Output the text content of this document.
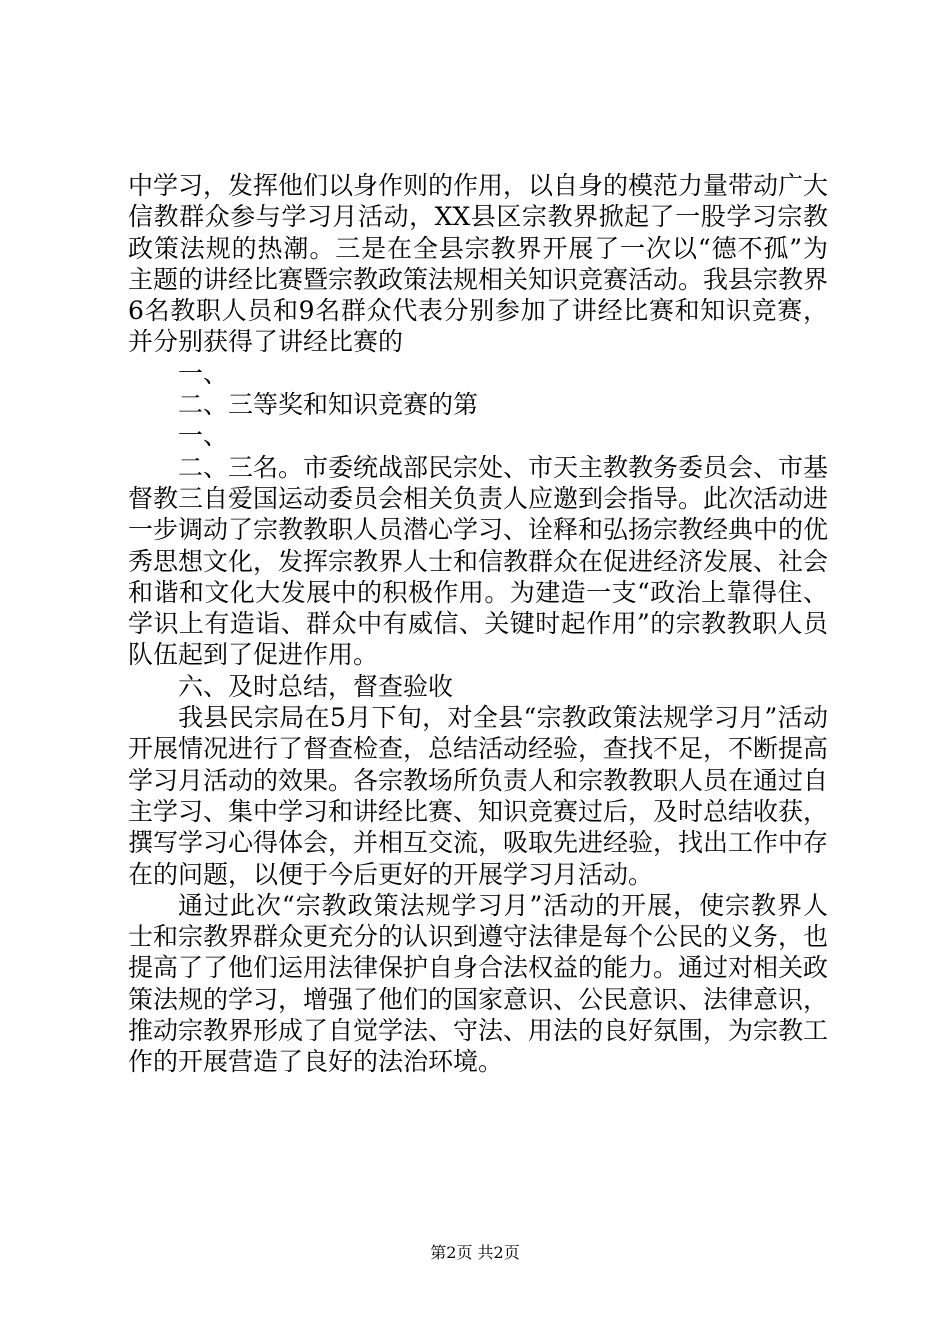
中学习，发挥他们以身作则的作用，以自身的模范力量带动广大信教群众参与学习月活动，XX县区宗教界掀起了一股学习宗教政策法规的热潮。三是在全县宗教界开展了一次以“德不孤”为主题的讲经比赛暨宗教政策法规相关知识竞赛活动。我县宗教界6名教职人员和9名群众代表分别参加了讲经比赛和知识竞赛，并分别获得了讲经比赛的

一、

二、三等奖和知识竞赛的第

一、

二、三名。市委统战部民宗处、市天主教教务委员会、市基督教三自爱国运动委员会相关负责人应邀到会指导。此次活动进一步调动了宗教教职人员潜心学习、诠释和弘扬宗教经典中的优秀思想文化，发挥宗教界人士和信教群众在促进经济发展、社会和谐和文化大发展中的积极作用。为建造一支“政治上靠得住、学识上有造诣、群众中有威信、关键时起作用”的宗教教职人员队伍起到了促进作用。

六、及时总结，督查验收

我县民宗局在5月下旬，对全县“宗教政策法规学习月”活动开展情况进行了督查检查，总结活动经验，查找不足，不断提高学习月活动的效果。各宗教场所负责人和宗教教职人员在通过自主学习、集中学习和讲经比赛、知识竞赛过后，及时总结收获，撰写学习心得体会，并相互交流，吸取先进经验，找出工作中存在的问题，以便于今后更好的开展学习月活动。

通过此次“宗教政策法规学习月”活动的开展，使宗教界人士和宗教界群众更充分的认识到遵守法律是每个公民的义务，也提高了了他们运用法律保护自身合法权益的能力。通过对相关政策法规的学习，增强了他们的国家意识、公民意识、法律意识，推动宗教界形成了自觉学法、守法、用法的良好氛围，为宗教工作的开展营造了良好的法治环境。

第2页 共2页
